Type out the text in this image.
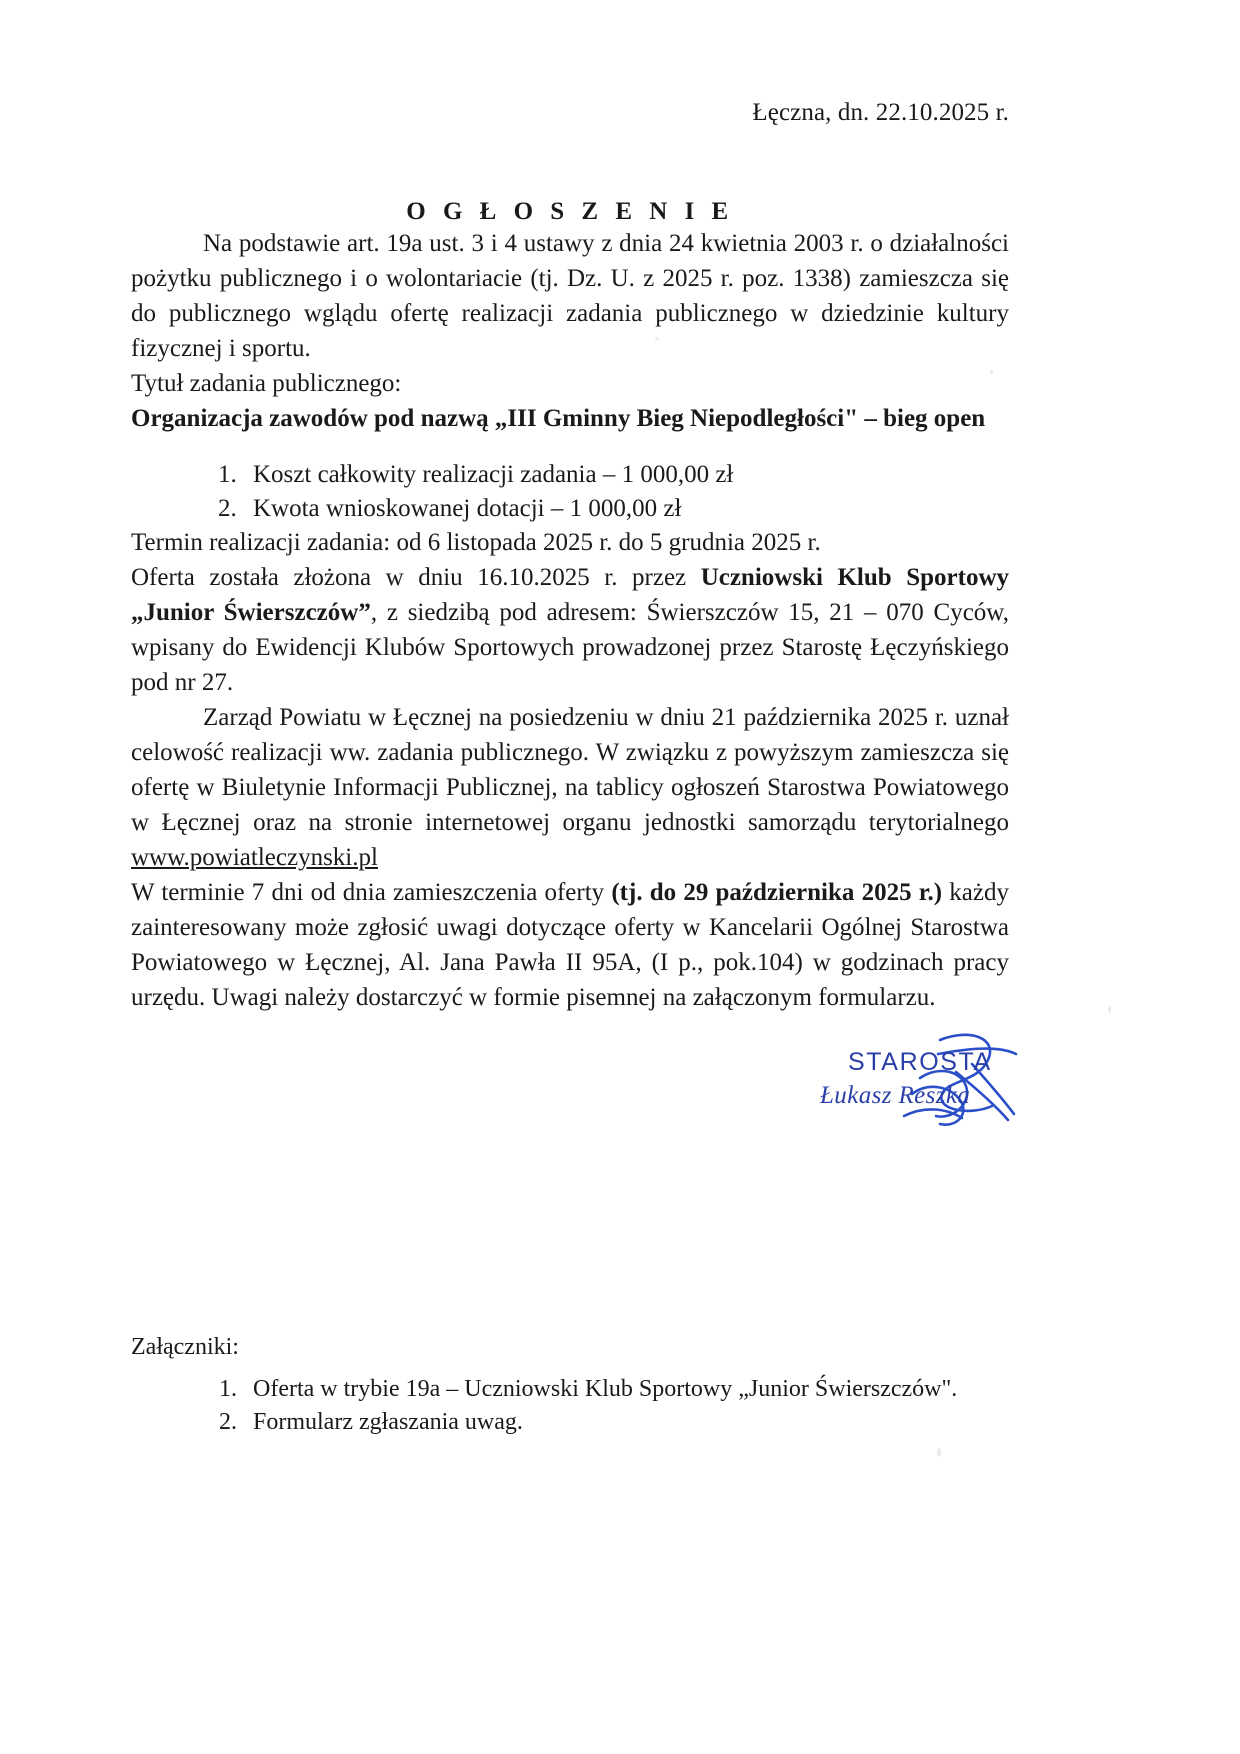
Łęczna, dn. 22.10.2025 r.
O G Ł O S Z E N I E

Na podstawie art. 19a ust. 3 i 4 ustawy z dnia 24 kwietnia 2003 r. o działalności pożytku publicznego i o wolontariacie (tj. Dz. U. z 2025 r. poz. 1338) zamieszcza się do publicznego wglądu ofertę realizacji zadania publicznego w dziedzinie kultury fizycznej i sportu.

Tytuł zadania publicznego:

Organizacja zawodów pod nazwą „III Gminny Bieg Niepodległości" – bieg open

1. Koszt całkowity realizacji zadania – 1 000,00 zł
2. Kwota wnioskowanej dotacji – 1 000,00 zł

Termin realizacji zadania: od 6 listopada 2025 r. do 5 grudnia 2025 r.

Oferta została złożona w dniu 16.10.2025 r. przez Uczniowski Klub Sportowy „Junior Świerszczów”, z siedzibą pod adresem: Świerszczów 15, 21 – 070 Cyców, wpisany do Ewidencji Klubów Sportowych prowadzonej przez Starostę Łęczyńskiego pod nr 27.

Zarząd Powiatu w Łęcznej na posiedzeniu w dniu 21 października 2025 r. uznał celowość realizacji ww. zadania publicznego. W związku z powyższym zamieszcza się ofertę w Biuletynie Informacji Publicznej, na tablicy ogłoszeń Starostwa Powiatowego w Łęcznej oraz na stronie internetowej organu jednostki samorządu terytorialnego www.powiatleczynski.pl

W terminie 7 dni od dnia zamieszczenia oferty (tj. do 29 października 2025 r.) każdy zainteresowany może zgłosić uwagi dotyczące oferty w Kancelarii Ogólnej Starostwa Powiatowego w Łęcznej, Al. Jana Pawła II 95A, (I p., pok.104) w godzinach pracy urzędu. Uwagi należy dostarczyć w formie pisemnej na załączonym formularzu.

STAROSTA
Łukasz Reszka

Załączniki:

1. Oferta w trybie 19a – Uczniowski Klub Sportowy „Junior Świerszczów".
2. Formularz zgłaszania uwag.
